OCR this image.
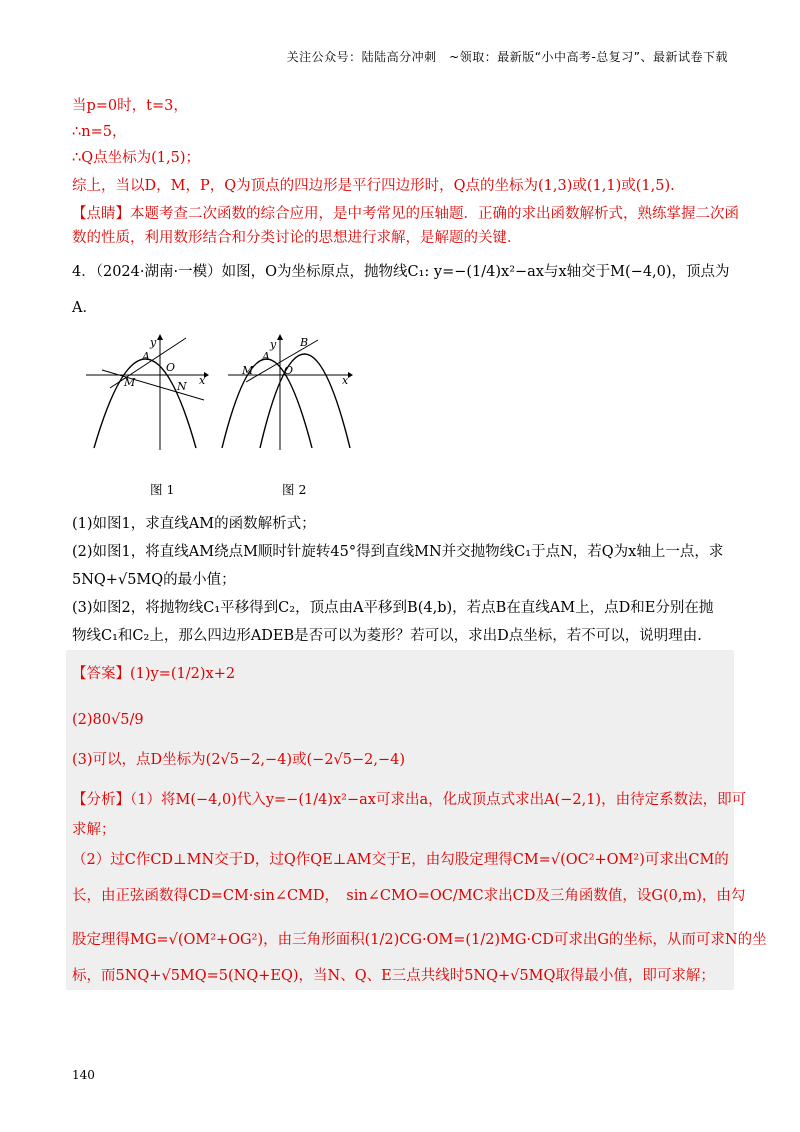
关注公众号：陆陆高分冲刺　~领取：最新版“小中高考-总复习”、最新试卷下载
当p=0时，t=3，
∴n=5，
∴Q点坐标为(1,5)；
综上，当以D，M，P，Q为顶点的四边形是平行四边形时，Q点的坐标为(1,3)或(1,1)或(1,5).
【点睛】本题考查二次函数的综合应用，是中考常见的压轴题．正确的求出函数解析式，熟练掌握二次函
数的性质，利用数形结合和分类讨论的思想进行求解，是解题的关键．
4．（2024·湖南·一模）如图，O为坐标原点，抛物线C₁: y=−(1/4)x²−ax与x轴交于M(−4,0)，顶点为
A．
A
M
O
N x
y
图 1
B
A
M	O
x
y
图 2
(1)如图1，求直线AM的函数解析式；
(2)如图1，将直线AM绕点M顺时针旋转45°得到直线MN并交抛物线C₁于点N，若Q为x轴上一点，求
5NQ+√5MQ的最小值；
(3)如图2，将抛物线C₁平移得到C₂，顶点由A平移到B(4,b)，若点B在直线AM上，点D和E分别在抛
物线C₁和C₂上，那么四边形ADEB是否可以为菱形？若可以，求出D点坐标，若不可以，说明理由.
【答案】(1)y=(1/2)x+2
(2)80√5/9
(3)可以，点D坐标为(2√5−2,−4)或(−2√5−2,−4)
【分析】（1）将M(−4,0)代入y=−(1/4)x²−ax可求出a，化成顶点式求出A(−2,1)，由待定系数法，即可
求解；
（2）过C作CD⊥MN交于D，过Q作QE⊥AM交于E，由勾股定理得CM=√(OC²+OM²)可求出CM的
长，由正弦函数得CD=CM·sin∠CMD，　sin∠CMO=OC/MC求出CD及三角函数值，设G(0,m)，由勾
股定理得MG=√(OM²+OG²)，由三角形面积(1/2)CG·OM=(1/2)MG·CD可求出G的坐标，从而可求N的坐
标，而5NQ+√5MQ=5(NQ+EQ)，当N、Q、E三点共线时5NQ+√5MQ取得最小值，即可求解；
140
